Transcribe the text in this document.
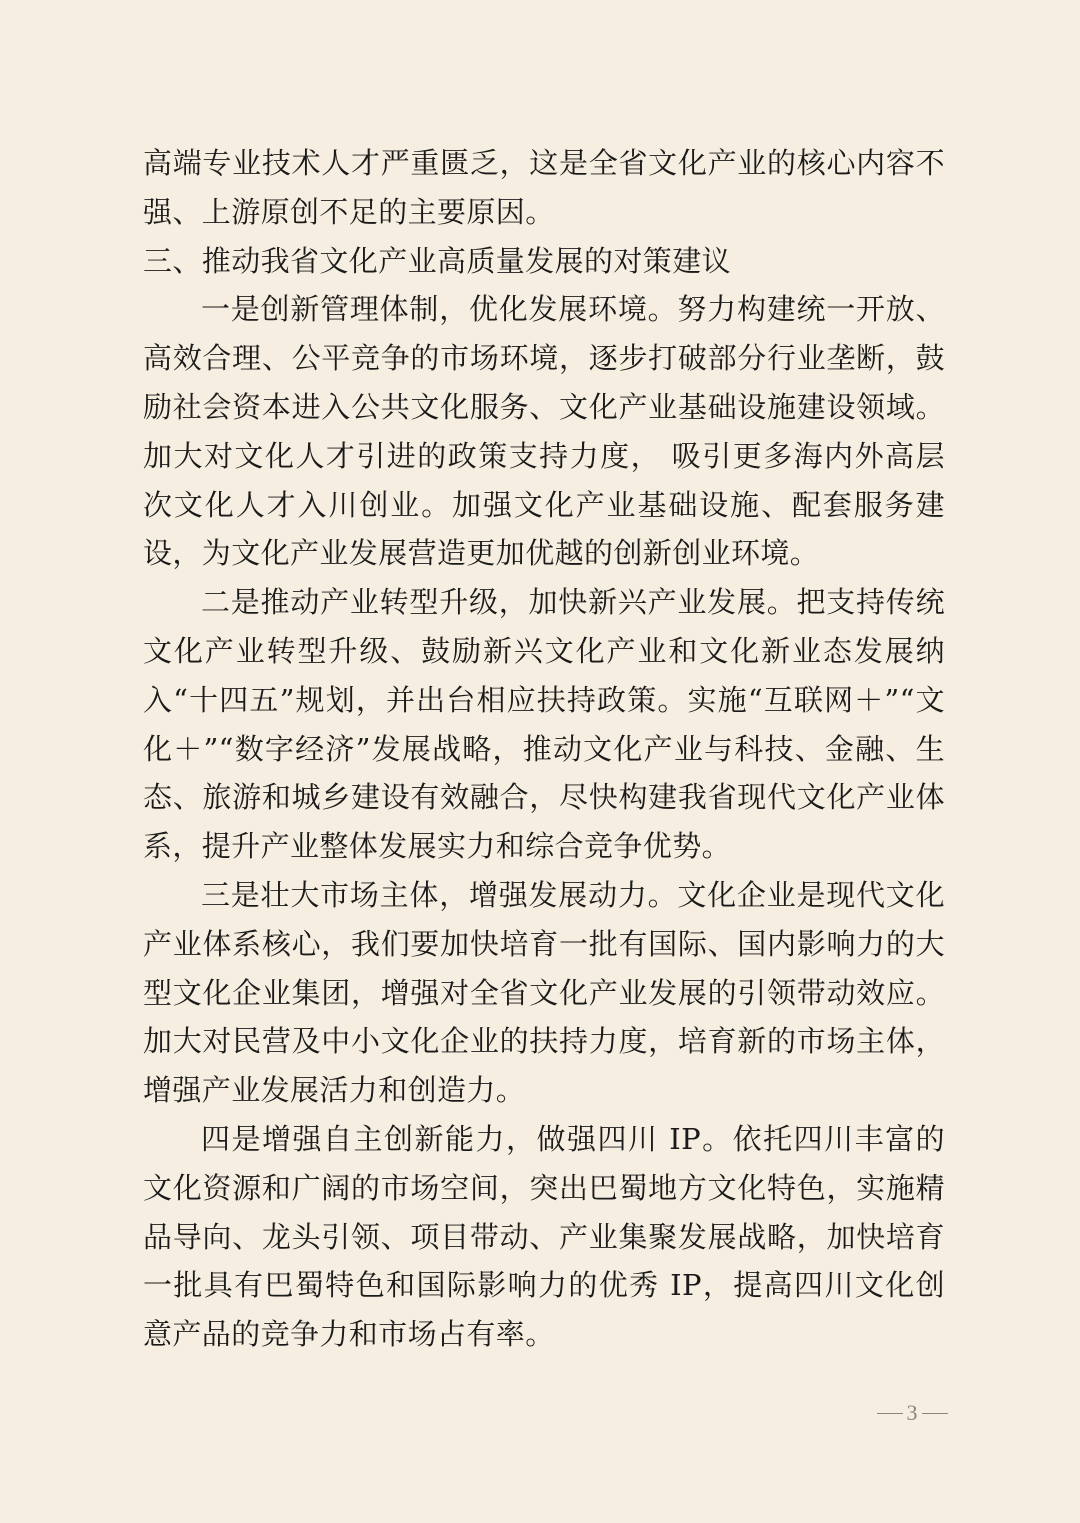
高端专业技术人才严重匮乏，这是全省文化产业的核心内容不强、上游原创不足的主要原因。

三、推动我省文化产业高质量发展的对策建议

一是创新管理体制，优化发展环境。努力构建统一开放、高效合理、公平竞争的市场环境，逐步打破部分行业垄断，鼓励社会资本进入公共文化服务、文化产业基础设施建设领域。加大对文化人才引进的政策支持力度， 吸引更多海内外高层次文化人才入川创业。加强文化产业基础设施、配套服务建设，为文化产业发展营造更加优越的创新创业环境。

二是推动产业转型升级，加快新兴产业发展。把支持传统文化产业转型升级、鼓励新兴文化产业和文化新业态发展纳入“十四五”规划，并出台相应扶持政策。实施“互联网＋”“文化＋”“数字经济”发展战略，推动文化产业与科技、金融、生态、旅游和城乡建设有效融合，尽快构建我省现代文化产业体系，提升产业整体发展实力和综合竞争优势。

三是壮大市场主体，增强发展动力。文化企业是现代文化产业体系核心，我们要加快培育一批有国际、国内影响力的大型文化企业集团，增强对全省文化产业发展的引领带动效应。加大对民营及中小文化企业的扶持力度，培育新的市场主体，增强产业发展活力和创造力。

四是增强自主创新能力，做强四川 IP。依托四川丰富的文化资源和广阔的市场空间，突出巴蜀地方文化特色，实施精品导向、龙头引领、项目带动、产业集聚发展战略，加快培育一批具有巴蜀特色和国际影响力的优秀 IP，提高四川文化创意产品的竞争力和市场占有率。

3
